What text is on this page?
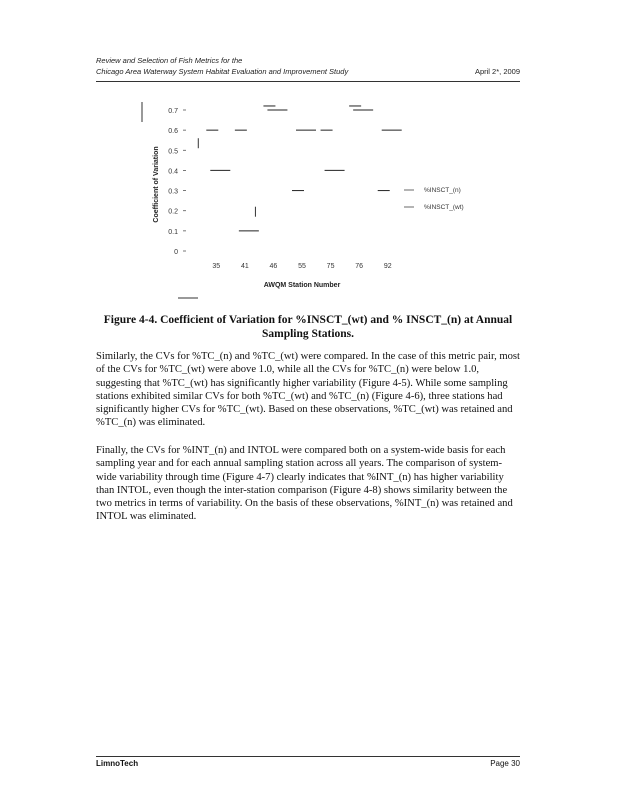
Review and Selection of Fish Metrics for the
Chicago Area Waterway System Habitat Evaluation and Improvement Study	April 2*, 2009
0
0.1
0.2
0.3
0.4
0.5
0.6
0.7
Coefficient of Variation
35	41	46	55	75	76	92
AWQM Station Number
%INSCT_(n)
%INSCT_(wt)
Figure 4-4. Coefficient of Variation for %INSCT_(wt) and % INSCT_(n) at Annual
Sampling Stations.

Similarly, the CVs for %TC_(n) and %TC_(wt) were compared. In the case of this metric pair, most of the CVs for %TC_(wt) were above 1.0, while all the CVs for %TC_(n) were below 1.0, suggesting that %TC_(wt) has significantly higher variability (Figure 4-5). While some sampling stations exhibited similar CVs for both %TC_(wt) and %TC_(n) (Figure 4-6), three stations had significantly higher CVs for %TC_(wt). Based on these observations, %TC_(wt) was retained and %TC_(n) was eliminated.

Finally, the CVs for %INT_(n) and INTOL were compared both on a system-wide basis for each sampling year and for each annual sampling station across all years. The comparison of system-wide variability through time (Figure 4-7) clearly indicates that %INT_(n) has higher variability than INTOL, even though the inter-station comparison (Figure 4-8) shows similarity between the two metrics in terms of variability. On the basis of these observations, %INT_(n) was retained and INTOL was eliminated.

LimnoTech	Page 30
